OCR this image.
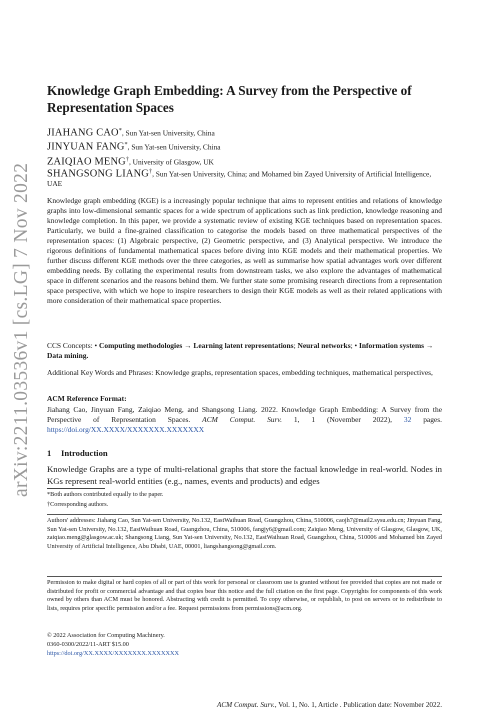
arXiv:2211.03536v1 [cs.LG] 7 Nov 2022
Knowledge Graph Embedding: A Survey from the Perspective of Representation Spaces

JIAHANG CAO*, Sun Yat-sen University, China

JINYUAN FANG*, Sun Yat-sen University, China

ZAIQIAO MENG†, University of Glasgow, UK

SHANGSONG LIANG†, Sun Yat-sen University, China; and Mohamed bin Zayed University of Artificial Intelligence, UAE

Knowledge graph embedding (KGE) is a increasingly popular technique that aims to represent entities and relations of knowledge graphs into low-dimensional semantic spaces for a wide spectrum of applications such as link prediction, knowledge reasoning and knowledge completion. In this paper, we provide a systematic review of existing KGE techniques based on representation spaces. Particularly, we build a fine-grained classification to categorise the models based on three mathematical perspectives of the representation spaces: (1) Algebraic perspective, (2) Geometric perspective, and (3) Analytical perspective. We introduce the rigorous definitions of fundamental mathematical spaces before diving into KGE models and their mathematical properties. We further discuss different KGE methods over the three categories, as well as summarise how spatial advantages work over different embedding needs. By collating the experimental results from downstream tasks, we also explore the advantages of mathematical space in different scenarios and the reasons behind them. We further state some promising research directions from a representation space perspective, with which we hope to inspire researchers to design their KGE models as well as their related applications with more consideration of their mathematical space properties.

CCS Concepts: • Computing methodologies → Learning latent representations; Neural networks; • Information systems → Data mining.

Additional Key Words and Phrases: Knowledge graphs, representation spaces, embedding techniques, mathematical perspectives,

ACM Reference Format:

Jiahang Cao, Jinyuan Fang, Zaiqiao Meng, and Shangsong Liang. 2022. Knowledge Graph Embedding: A Survey from the Perspective of Representation Spaces. ACM Comput. Surv. 1, 1 (November 2022), 32 pages. https://doi.org/XX.XXXX/XXXXXXX.XXXXXXX

1 Introduction

Knowledge Graphs are a type of multi-relational graphs that store the factual knowledge in real-world. Nodes in KGs represent real-world entities (e.g., names, events and products) and edges

*Both authors contributed equally to the paper.

†Corresponding authors.

Authors' addresses: Jiahang Cao, Sun Yat-sen University, No.132, EastWaihuan Road, Guangzhou, China, 510006, caojh7@mail2.sysu.edu.cn; Jinyuan Fang, Sun Yat-sen University, No.132, EastWaihuan Road, Guangzhou, China, 510006, fangjy6@gmail.com; Zaiqiao Meng, University of Glasgow, Glasgow, UK, zaiqiao.meng@glasgow.ac.uk; Shangsong Liang, Sun Yat-sen University, No.132, EastWaihuan Road, Guangzhou, China, 510006 and Mohamed bin Zayed University of Artificial Intelligence, Abu Dhabi, UAE, 00001, liangshangsong@gmail.com.

Permission to make digital or hard copies of all or part of this work for personal or classroom use is granted without fee provided that copies are not made or distributed for profit or commercial advantage and that copies bear this notice and the full citation on the first page. Copyrights for components of this work owned by others than ACM must be honored. Abstracting with credit is permitted. To copy otherwise, or republish, to post on servers or to redistribute to lists, requires prior specific permission and/or a fee. Request permissions from permissions@acm.org.

© 2022 Association for Computing Machinery.

0360-0300/2022/11-ART $15.00

https://doi.org/XX.XXXX/XXXXXXX.XXXXXXX

ACM Comput. Surv., Vol. 1, No. 1, Article . Publication date: November 2022.
